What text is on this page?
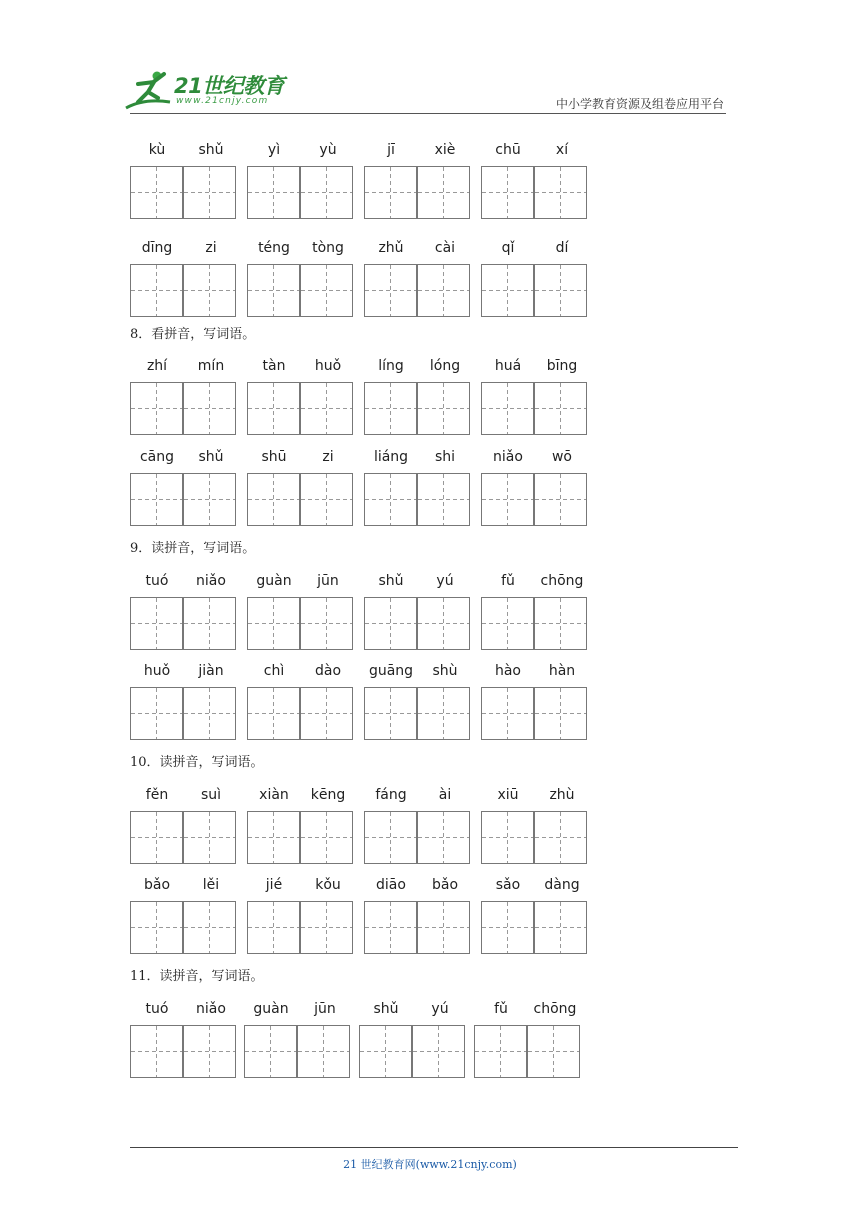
21世纪教育
www.21cnjy.com	中小学教育资源及组卷应用平台
kù	shǔ	yì	yù	jī	xiè	chū	xí
dīng	zi	téng	tòng	zhǔ	cài	qǐ	dí
8．看拼音，写词语。
zhí	mín	tàn	huǒ	líng	lóng	huá	bīng
cāng	shǔ	shū	zi	liáng	shi	niǎo	wō
9．读拼音，写词语。
tuó	niǎo	guàn	jūn	shǔ	yú	fǔ	chōng
huǒ	jiàn	chì	dào	guāng	shù	hào	hàn
10．读拼音，写词语。
fěn	suì	xiàn	kēng	fáng	ài	xiū	zhù
bǎo	lěi	jié	kǒu	diāo	bǎo	sǎo	dàng
11．读拼音，写词语。
tuó	niǎo	guàn	jūn	shǔ	yú	fǔ	chōng
21 世纪教育网(www.21cnjy.com)
